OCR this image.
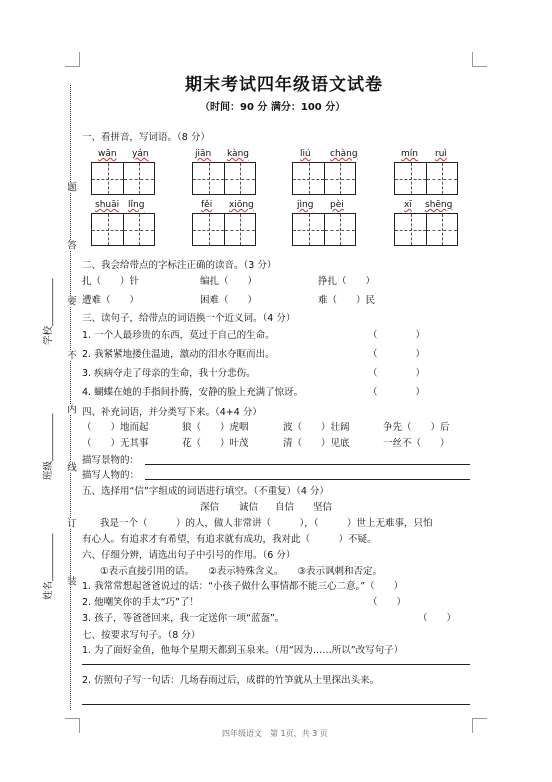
题
答
要
不
内
线
订
装
学校__________
班级__________
姓名__________
期末考试四年级语文试卷
（时间：90 分 满分：100 分）
一、看拼音，写词语。（8 分）
wān yán	jiān kàng	liú chàng	mín ruì
shuāi lǐng	fěi xiōng	jìng pèi	xī shēng
二、我会给带点的字标注正确的读音。（3 分）
扎（　　）针	编扎（　　）	挣扎（　　）
遭难（　　）	困难（　　）	难（　　）民
三、读句子，给带点的词语换一个近义词。（4 分）
1. 一个人最珍贵的东西，莫过于自己的生命。	（　　　　）
2. 我紧紧地搂住温迪，激动的泪水夺眶而出。	（　　　　）
3. 疾病夺走了母亲的生命，我十分悲伤。	（　　　　）
4. 蝴蝶在她的手指间扑腾，安静的脸上充满了惊讶。	（　　　　）
四、补充词语，并分类写下来。（4+4 分）
（　　）地而起	狼（　　）虎咽	波（　　）壮阔	争先（　　）后
（　　）无其事	花（　　）叶茂	清（　　）见底	一丝不（　　）
描写景物的：
描写人物的：
五、选择用“信”字组成的词语进行填空。（不重复）（4 分）
深信 诚信 自信 坚信
我是一个（　　　）的人，做人非常讲（　　　），（　　　）世上无难事，只怕
有心人。有追求才有希望，有追求就有成功，我对此（　　　）不疑。
六、仔细分辨，请选出句子中引号的作用。（6 分）
①表示直接引用的话。　　②表示特殊含义。　　③表示讽刺和否定。
1. 我常常想起爸爸说过的话：“小孩子做什么事情都不能三心二意。”（　　）
2. 他嘲笑你的手太“巧”了！	（　　）
3. 孩子，等爸爸回来，我一定送你一项“蓝盔”。	（　　）
七、按要求写句子。（8 分）
1. 为了面好金鱼，他每个星期天都到玉泉来。（用“因为……所以”改写句子）
2. 仿照句子写一句话：几场春雨过后，成群的竹笋就从土里探出头来。
四年级语文　第 1页，共 3 页
